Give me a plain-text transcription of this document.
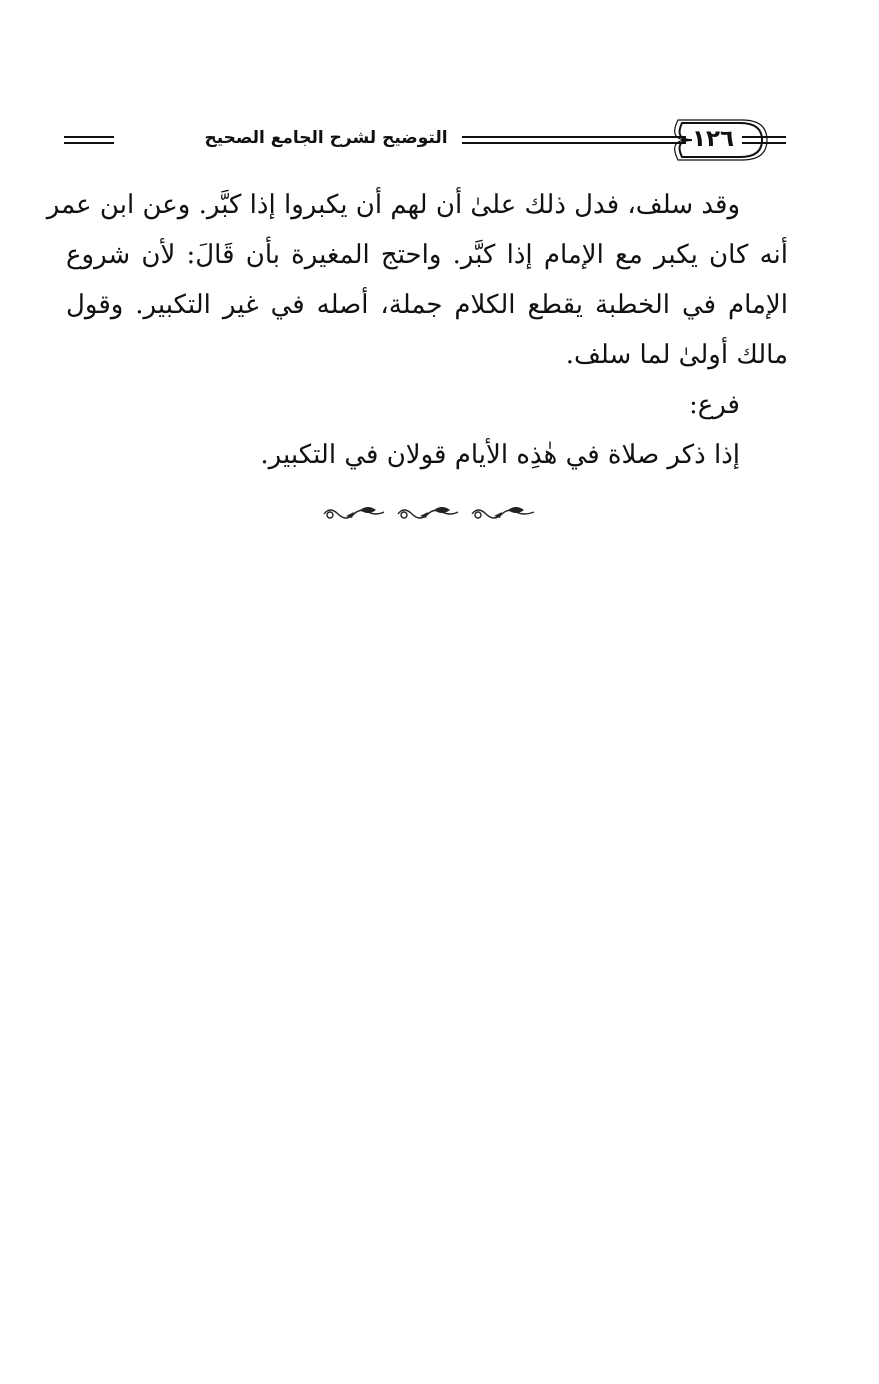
التوضيح لشرح الجامع الصحيح	١٢٦
وقد سلف، فدل ذلك علىٰ أن لهم أن يكبروا إذا كبَّر. وعن ابن عمر
أنه كان يكبر مع الإمام إذا كبَّر. واحتج المغيرة بأن قَالَ: لأن شروع
الإمام في الخطبة يقطع الكلام جملة، أصله في غير التكبير. وقول
مالك أولىٰ لما سلف.
فرع:
إذا ذكر صلاة في هٰذِه الأيام قولان في التكبير.
